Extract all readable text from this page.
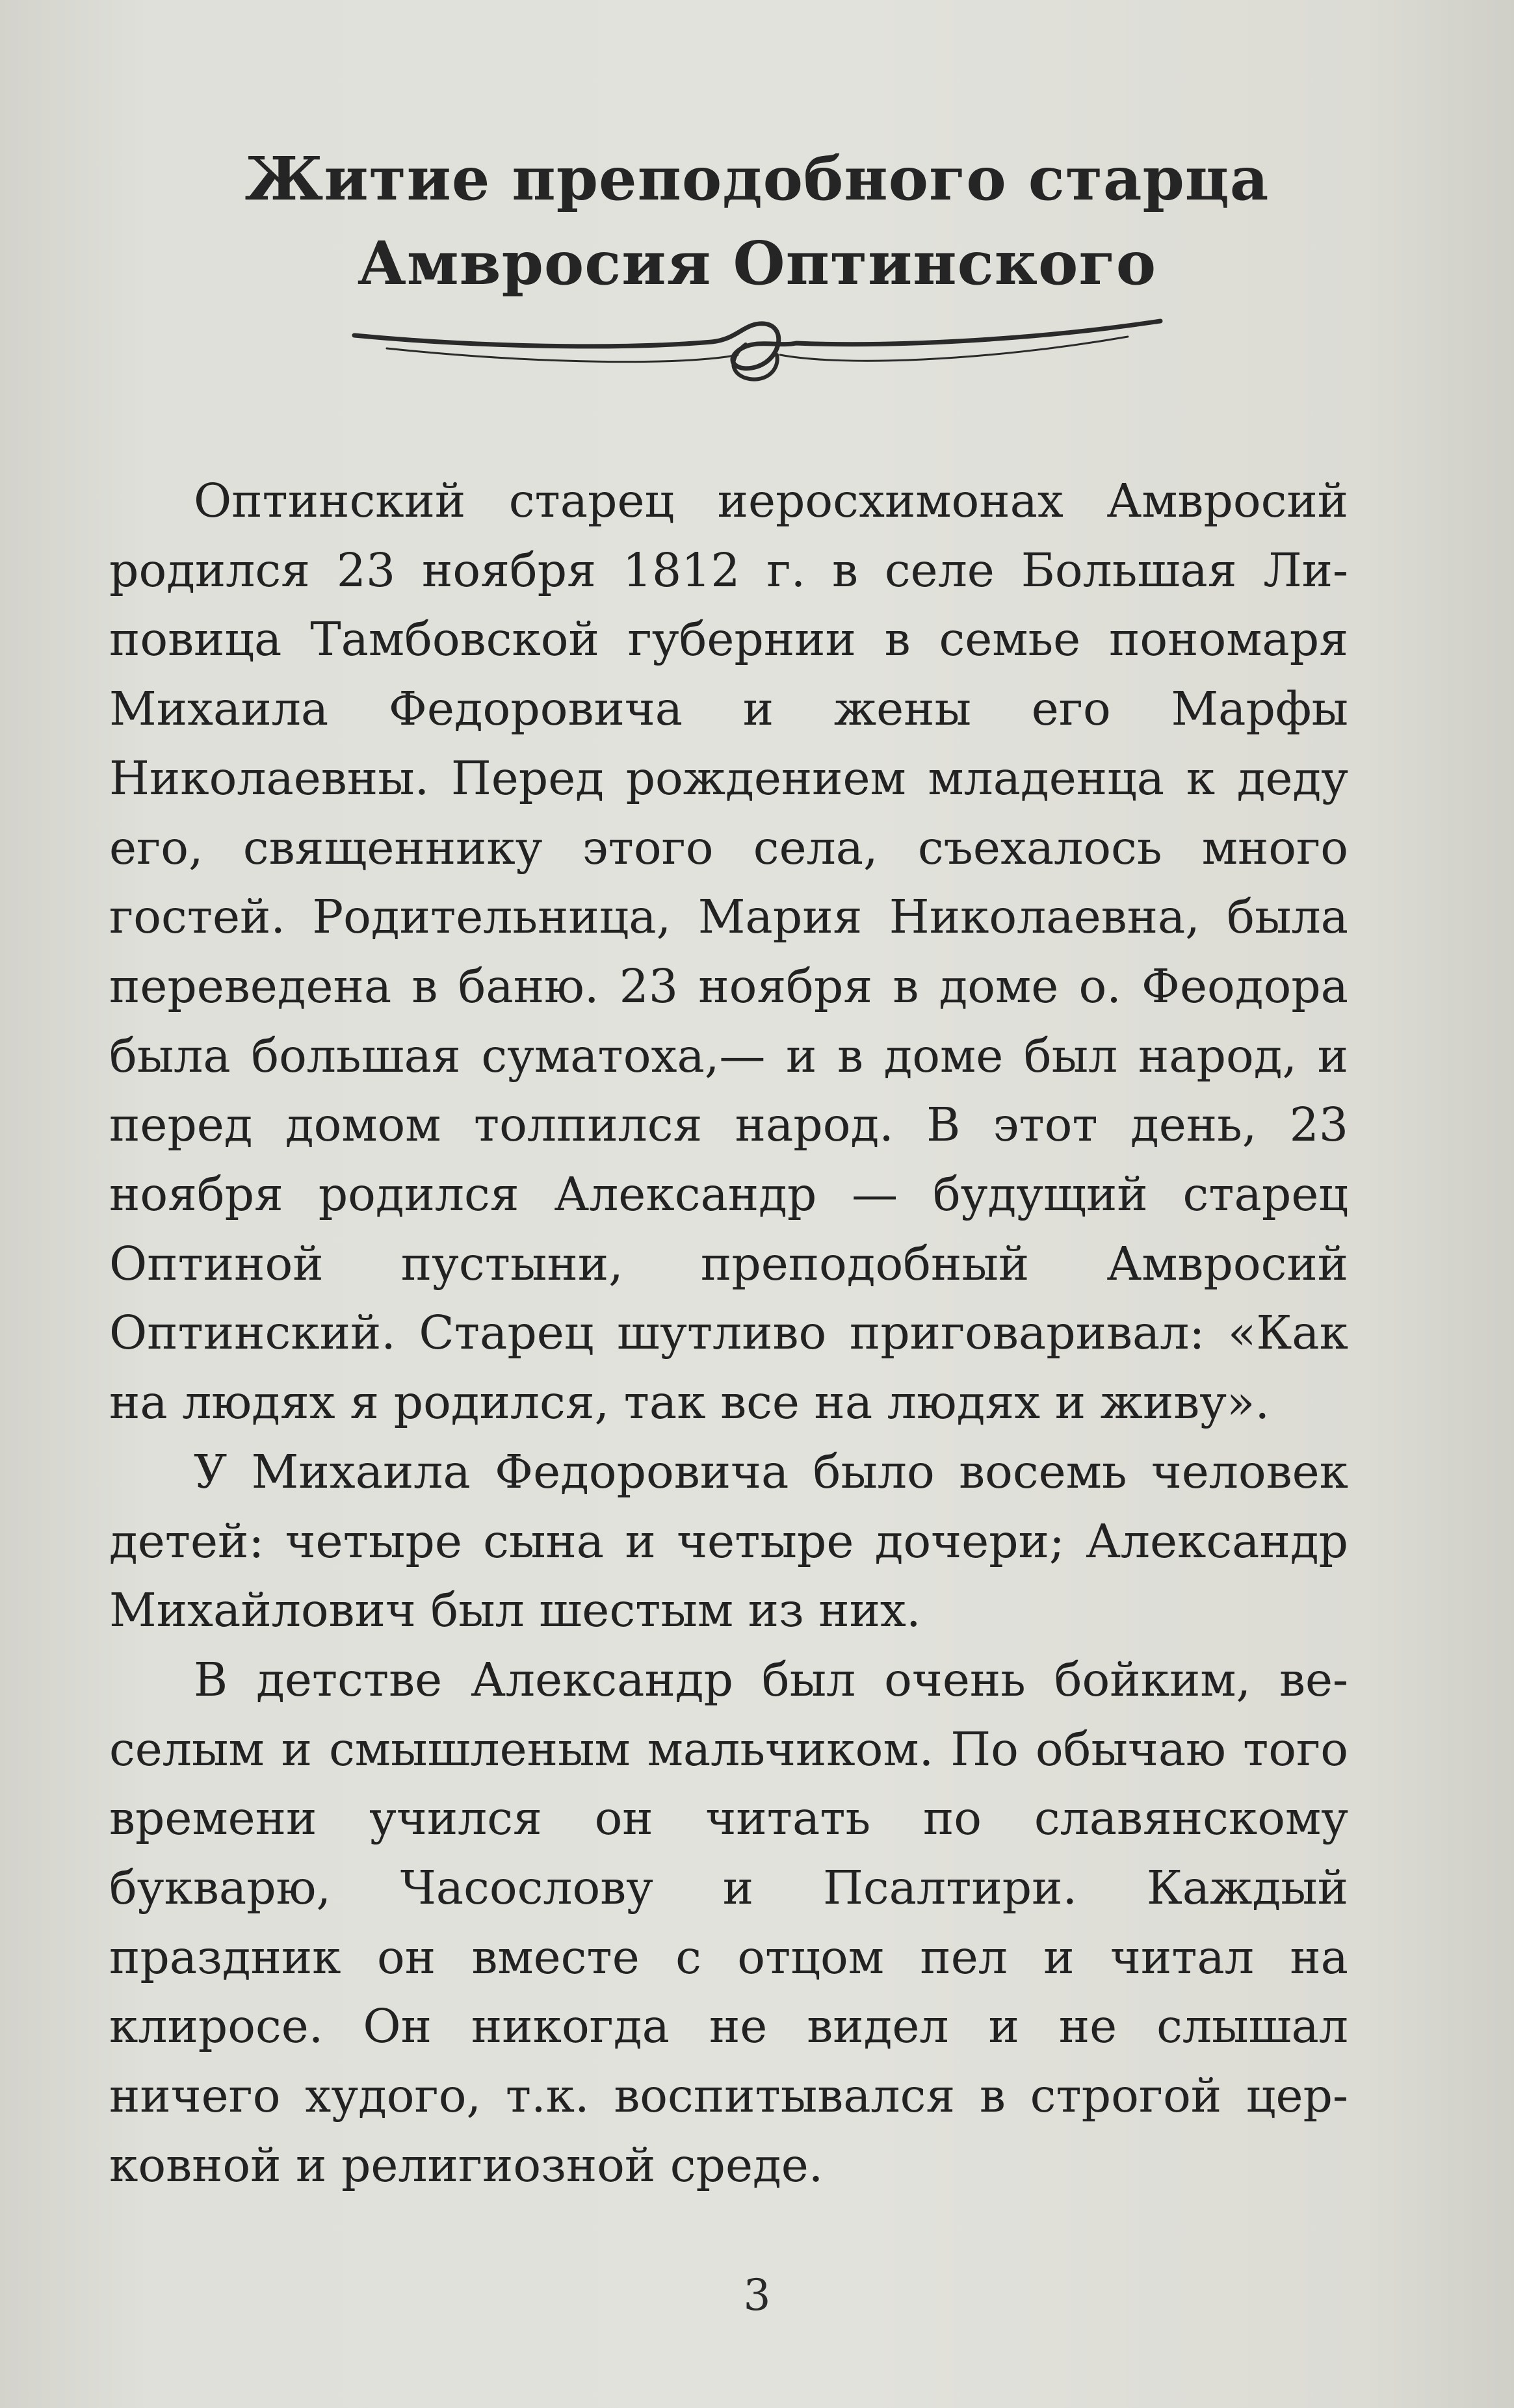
Житие преподобного старца
Амвросия Оптинского

Оптинский старец иеросхимонах Амвросий родился 23 ноября 1812 г. в селе Большая Липовица Тамбовской губернии в семье пономаря Михаила Федоровича и жены его Марфы Николаевны. Перед рождением младенца к деду его, священнику этого села, съехалось много гостей. Родительница, Мария Николаевна, была переведена в баню. 23 ноября в доме о. Феодора была большая суматоха,— и в доме был народ, и перед домом толпился народ. В этот день, 23 ноября родился Александр — будущий старец Оптиной пустыни, преподобный Амвросий Оптинский. Старец шутливо приговаривал: «Как на людях я родился, так все на людях и живу».

У Михаила Федоровича было восемь человек детей: четыре сына и четыре дочери; Александр Михайлович был шестым из них.

В детстве Александр был очень бойким, веселым и смышленым мальчиком. По обычаю того времени учился он читать по славянскому букварю, Часослову и Псалтири. Каждый праздник он вместе с отцом пел и читал на клиросе. Он никогда не видел и не слышал ничего худого, т.к. воспитывался в строгой церковной и религиозной среде.

3
